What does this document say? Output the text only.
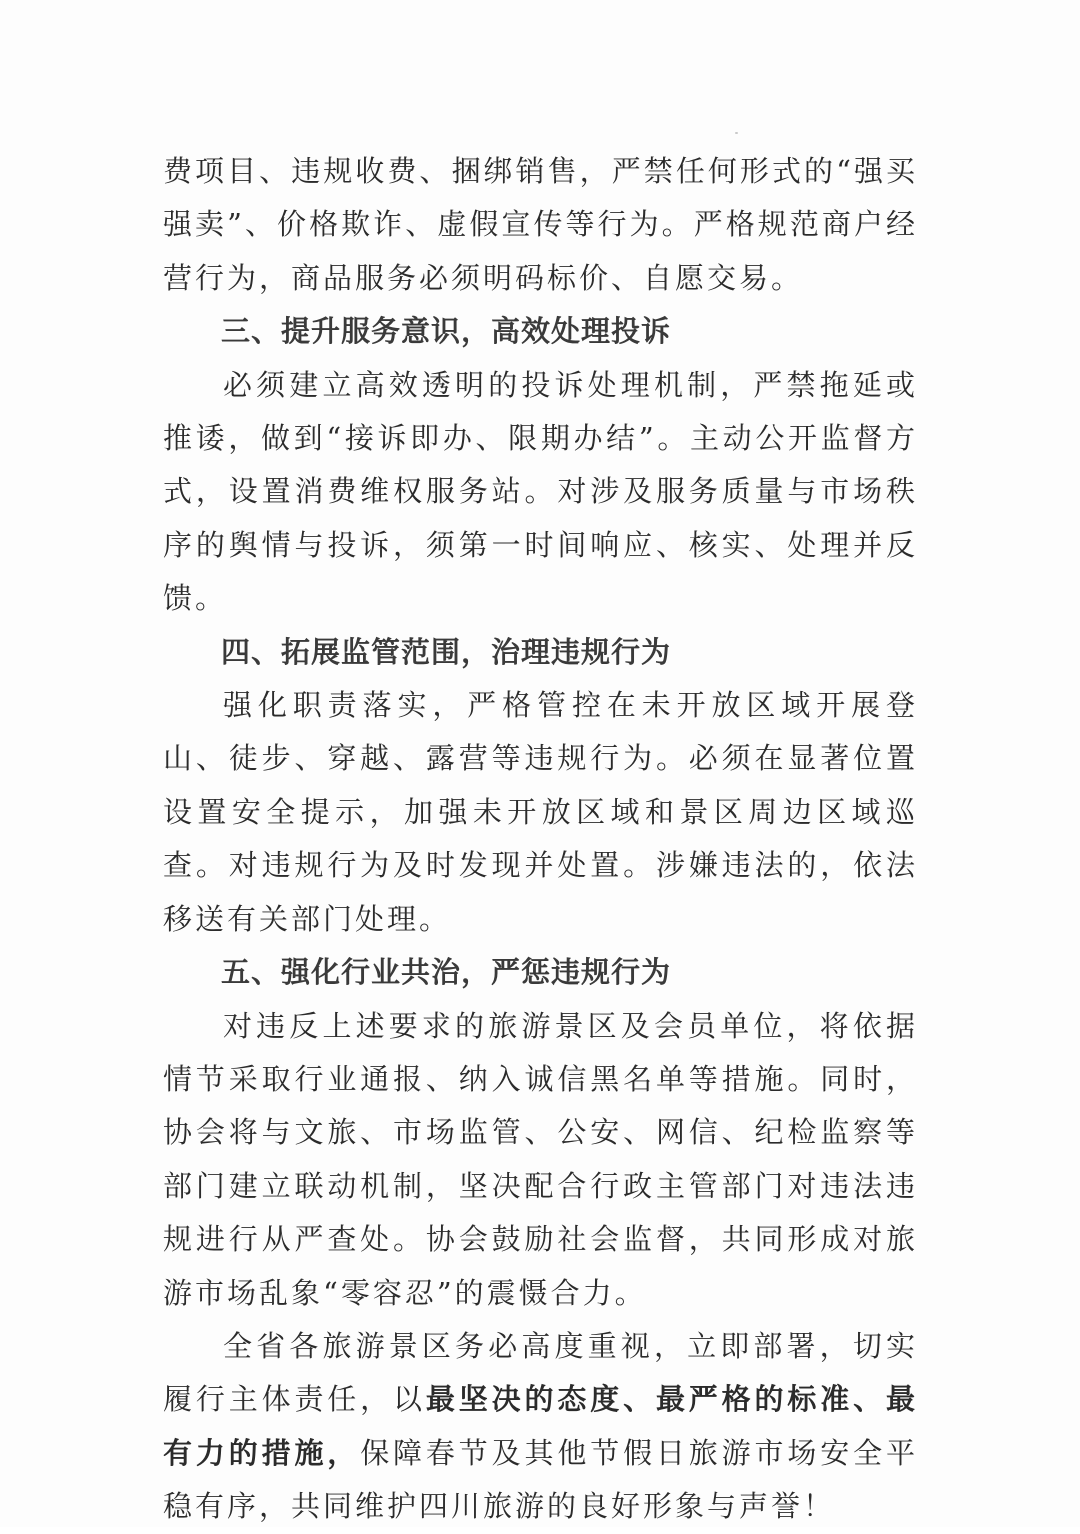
费项目、违规收费、捆绑销售，严禁任何形式的“强买强卖”、价格欺诈、虚假宣传等行为。严格规范商户经营行为，商品服务必须明码标价、自愿交易。

三、提升服务意识，高效处理投诉

必须建立高效透明的投诉处理机制，严禁拖延或推诿，做到“接诉即办、限期办结”。主动公开监督方式，设置消费维权服务站。对涉及服务质量与市场秩序的舆情与投诉，须第一时间响应、核实、处理并反馈。

四、拓展监管范围，治理违规行为

强化职责落实，严格管控在未开放区域开展登山、徒步、穿越、露营等违规行为。必须在显著位置设置安全提示，加强未开放区域和景区周边区域巡查。对违规行为及时发现并处置。涉嫌违法的，依法移送有关部门处理。

五、强化行业共治，严惩违规行为

对违反上述要求的旅游景区及会员单位，将依据情节采取行业通报、纳入诚信黑名单等措施。同时，协会将与文旅、市场监管、公安、网信、纪检监察等部门建立联动机制，坚决配合行政主管部门对违法违规进行从严查处。协会鼓励社会监督，共同形成对旅游市场乱象“零容忍”的震慑合力。

全省各旅游景区务必高度重视，立即部署，切实履行主体责任，以最坚决的态度、最严格的标准、最有力的措施，保障春节及其他节假日旅游市场安全平稳有序，共同维护四川旅游的良好形象与声誉！
